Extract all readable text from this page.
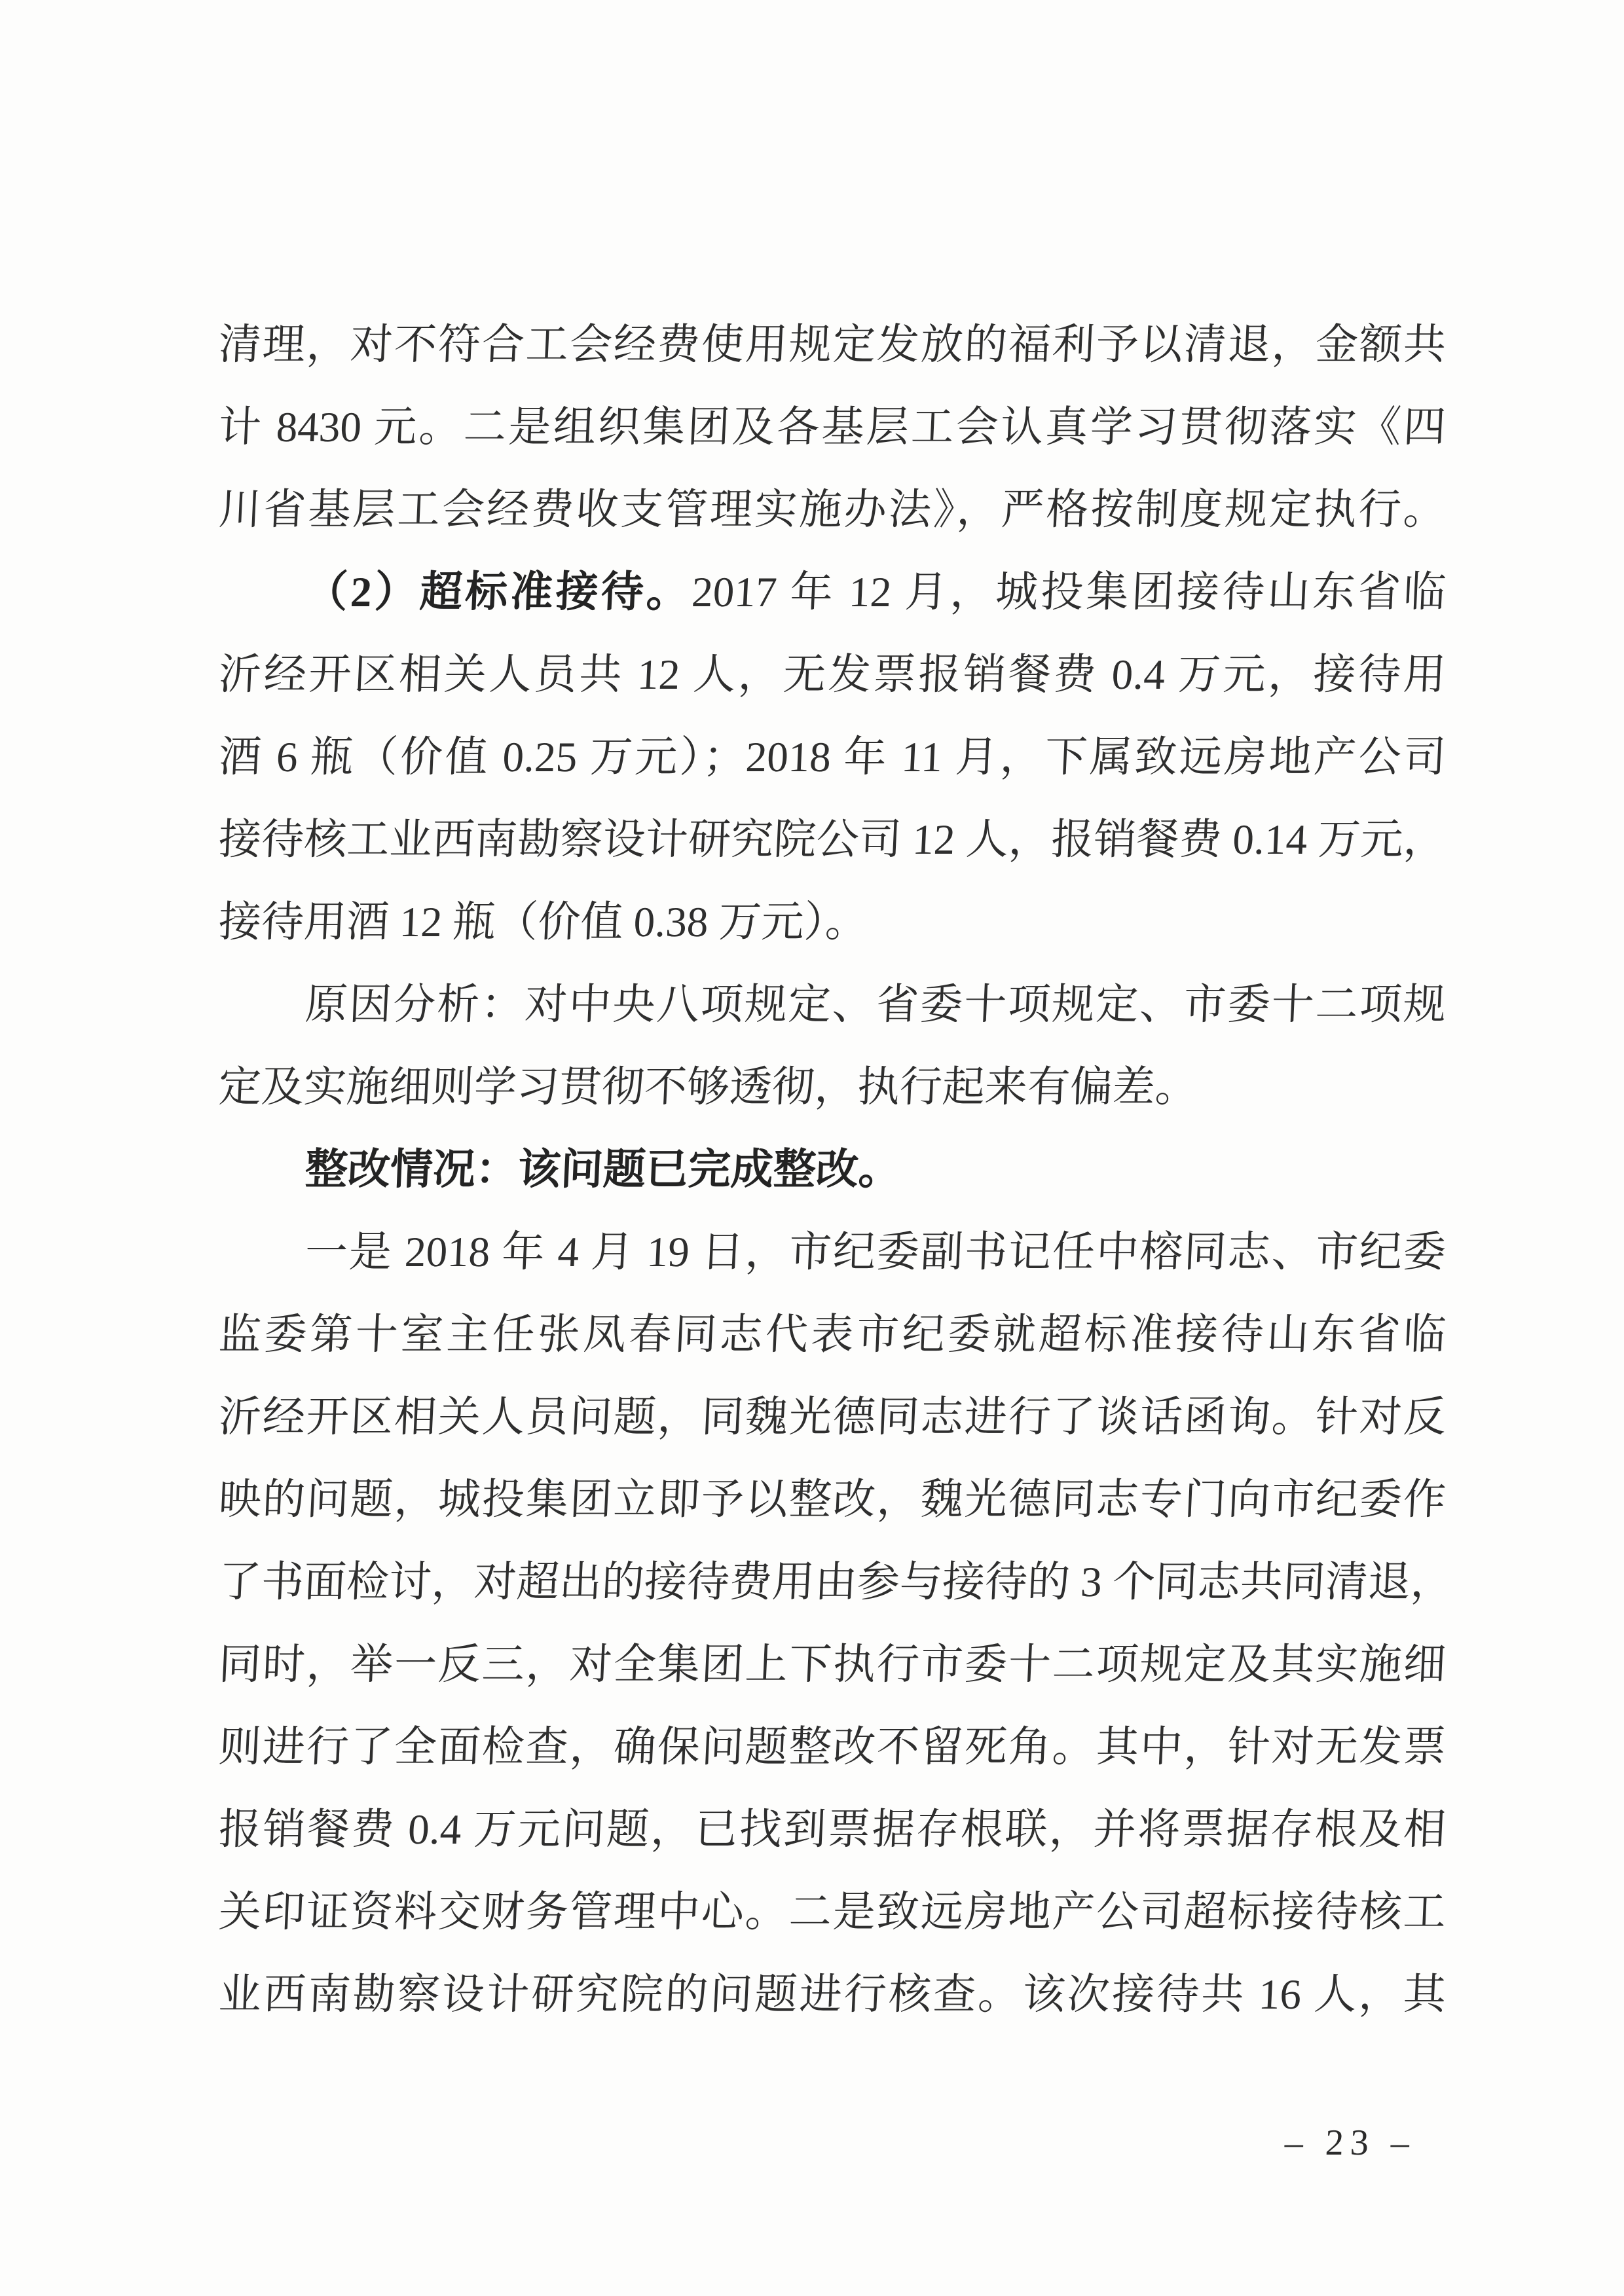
清理，对不符合工会经费使用规定发放的福利予以清退，金额共
计 8430 元。二是组织集团及各基层工会认真学习贯彻落实《四
川省基层工会经费收支管理实施办法》，严格按制度规定执行。
（2）超标准接待。2017 年 12 月，城投集团接待山东省临
沂经开区相关人员共 12 人，无发票报销餐费 0.4 万元，接待用
酒 6 瓶（价值 0.25 万元）；2018 年 11 月，下属致远房地产公司
接待核工业西南勘察设计研究院公司 12 人，报销餐费 0.14 万元，
接待用酒 12 瓶（价值 0.38 万元）。
原因分析：对中央八项规定、省委十项规定、市委十二项规
定及实施细则学习贯彻不够透彻，执行起来有偏差。
整改情况：该问题已完成整改。
一是 2018 年 4 月 19 日，市纪委副书记任中榕同志、市纪委
监委第十室主任张凤春同志代表市纪委就超标准接待山东省临
沂经开区相关人员问题，同魏光德同志进行了谈话函询。针对反
映的问题，城投集团立即予以整改，魏光德同志专门向市纪委作
了书面检讨，对超出的接待费用由参与接待的 3 个同志共同清退，
同时，举一反三，对全集团上下执行市委十二项规定及其实施细
则进行了全面检查，确保问题整改不留死角。其中，针对无发票
报销餐费 0.4 万元问题，已找到票据存根联，并将票据存根及相
关印证资料交财务管理中心。二是致远房地产公司超标接待核工
业西南勘察设计研究院的问题进行核查。该次接待共 16 人，其
– 23 –
